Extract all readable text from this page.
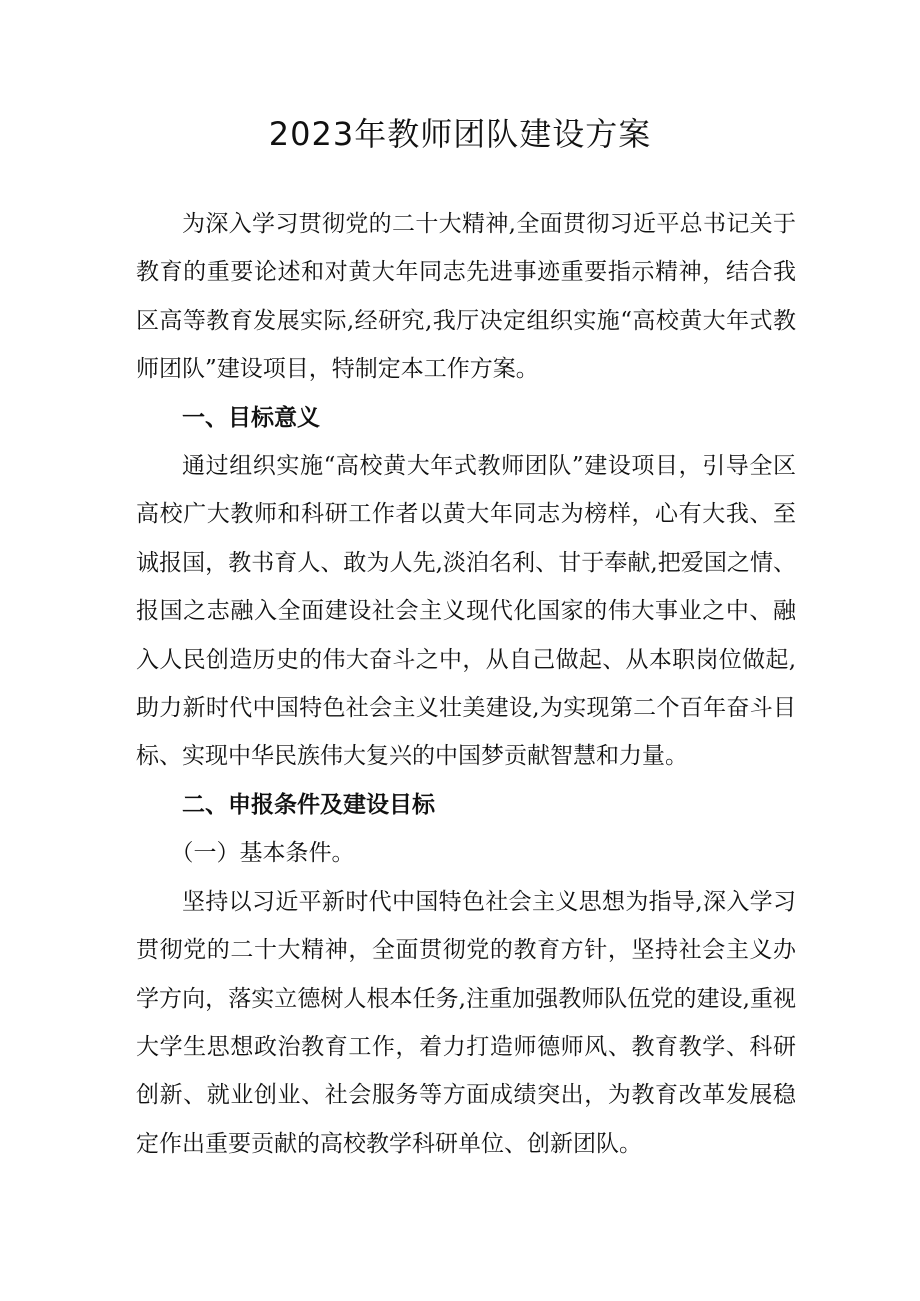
2023年教师团队建设方案

为深入学习贯彻党的二十大精神,全面贯彻习近平总书记关于教育的重要论述和对黄大年同志先进事迹重要指示精神，结合我区高等教育发展实际,经研究,我厅决定组织实施“高校黄大年式教师团队”建设项目，特制定本工作方案。

一、目标意义

通过组织实施“高校黄大年式教师团队”建设项目，引导全区高校广大教师和科研工作者以黄大年同志为榜样，心有大我、至诚报国，教书育人、敢为人先,淡泊名利、甘于奉献,把爱国之情、报国之志融入全面建设社会主义现代化国家的伟大事业之中、融入人民创造历史的伟大奋斗之中，从自己做起、从本职岗位做起,助力新时代中国特色社会主义壮美建设,为实现第二个百年奋斗目标、实现中华民族伟大复兴的中国梦贡献智慧和力量。

二、申报条件及建设目标

（一）基本条件。

坚持以习近平新时代中国特色社会主义思想为指导,深入学习贯彻党的二十大精神，全面贯彻党的教育方针，坚持社会主义办学方向，落实立德树人根本任务,注重加强教师队伍党的建设,重视大学生思想政治教育工作，着力打造师德师风、教育教学、科研创新、就业创业、社会服务等方面成绩突出，为教育改革发展稳定作出重要贡献的高校教学科研单位、创新团队。
